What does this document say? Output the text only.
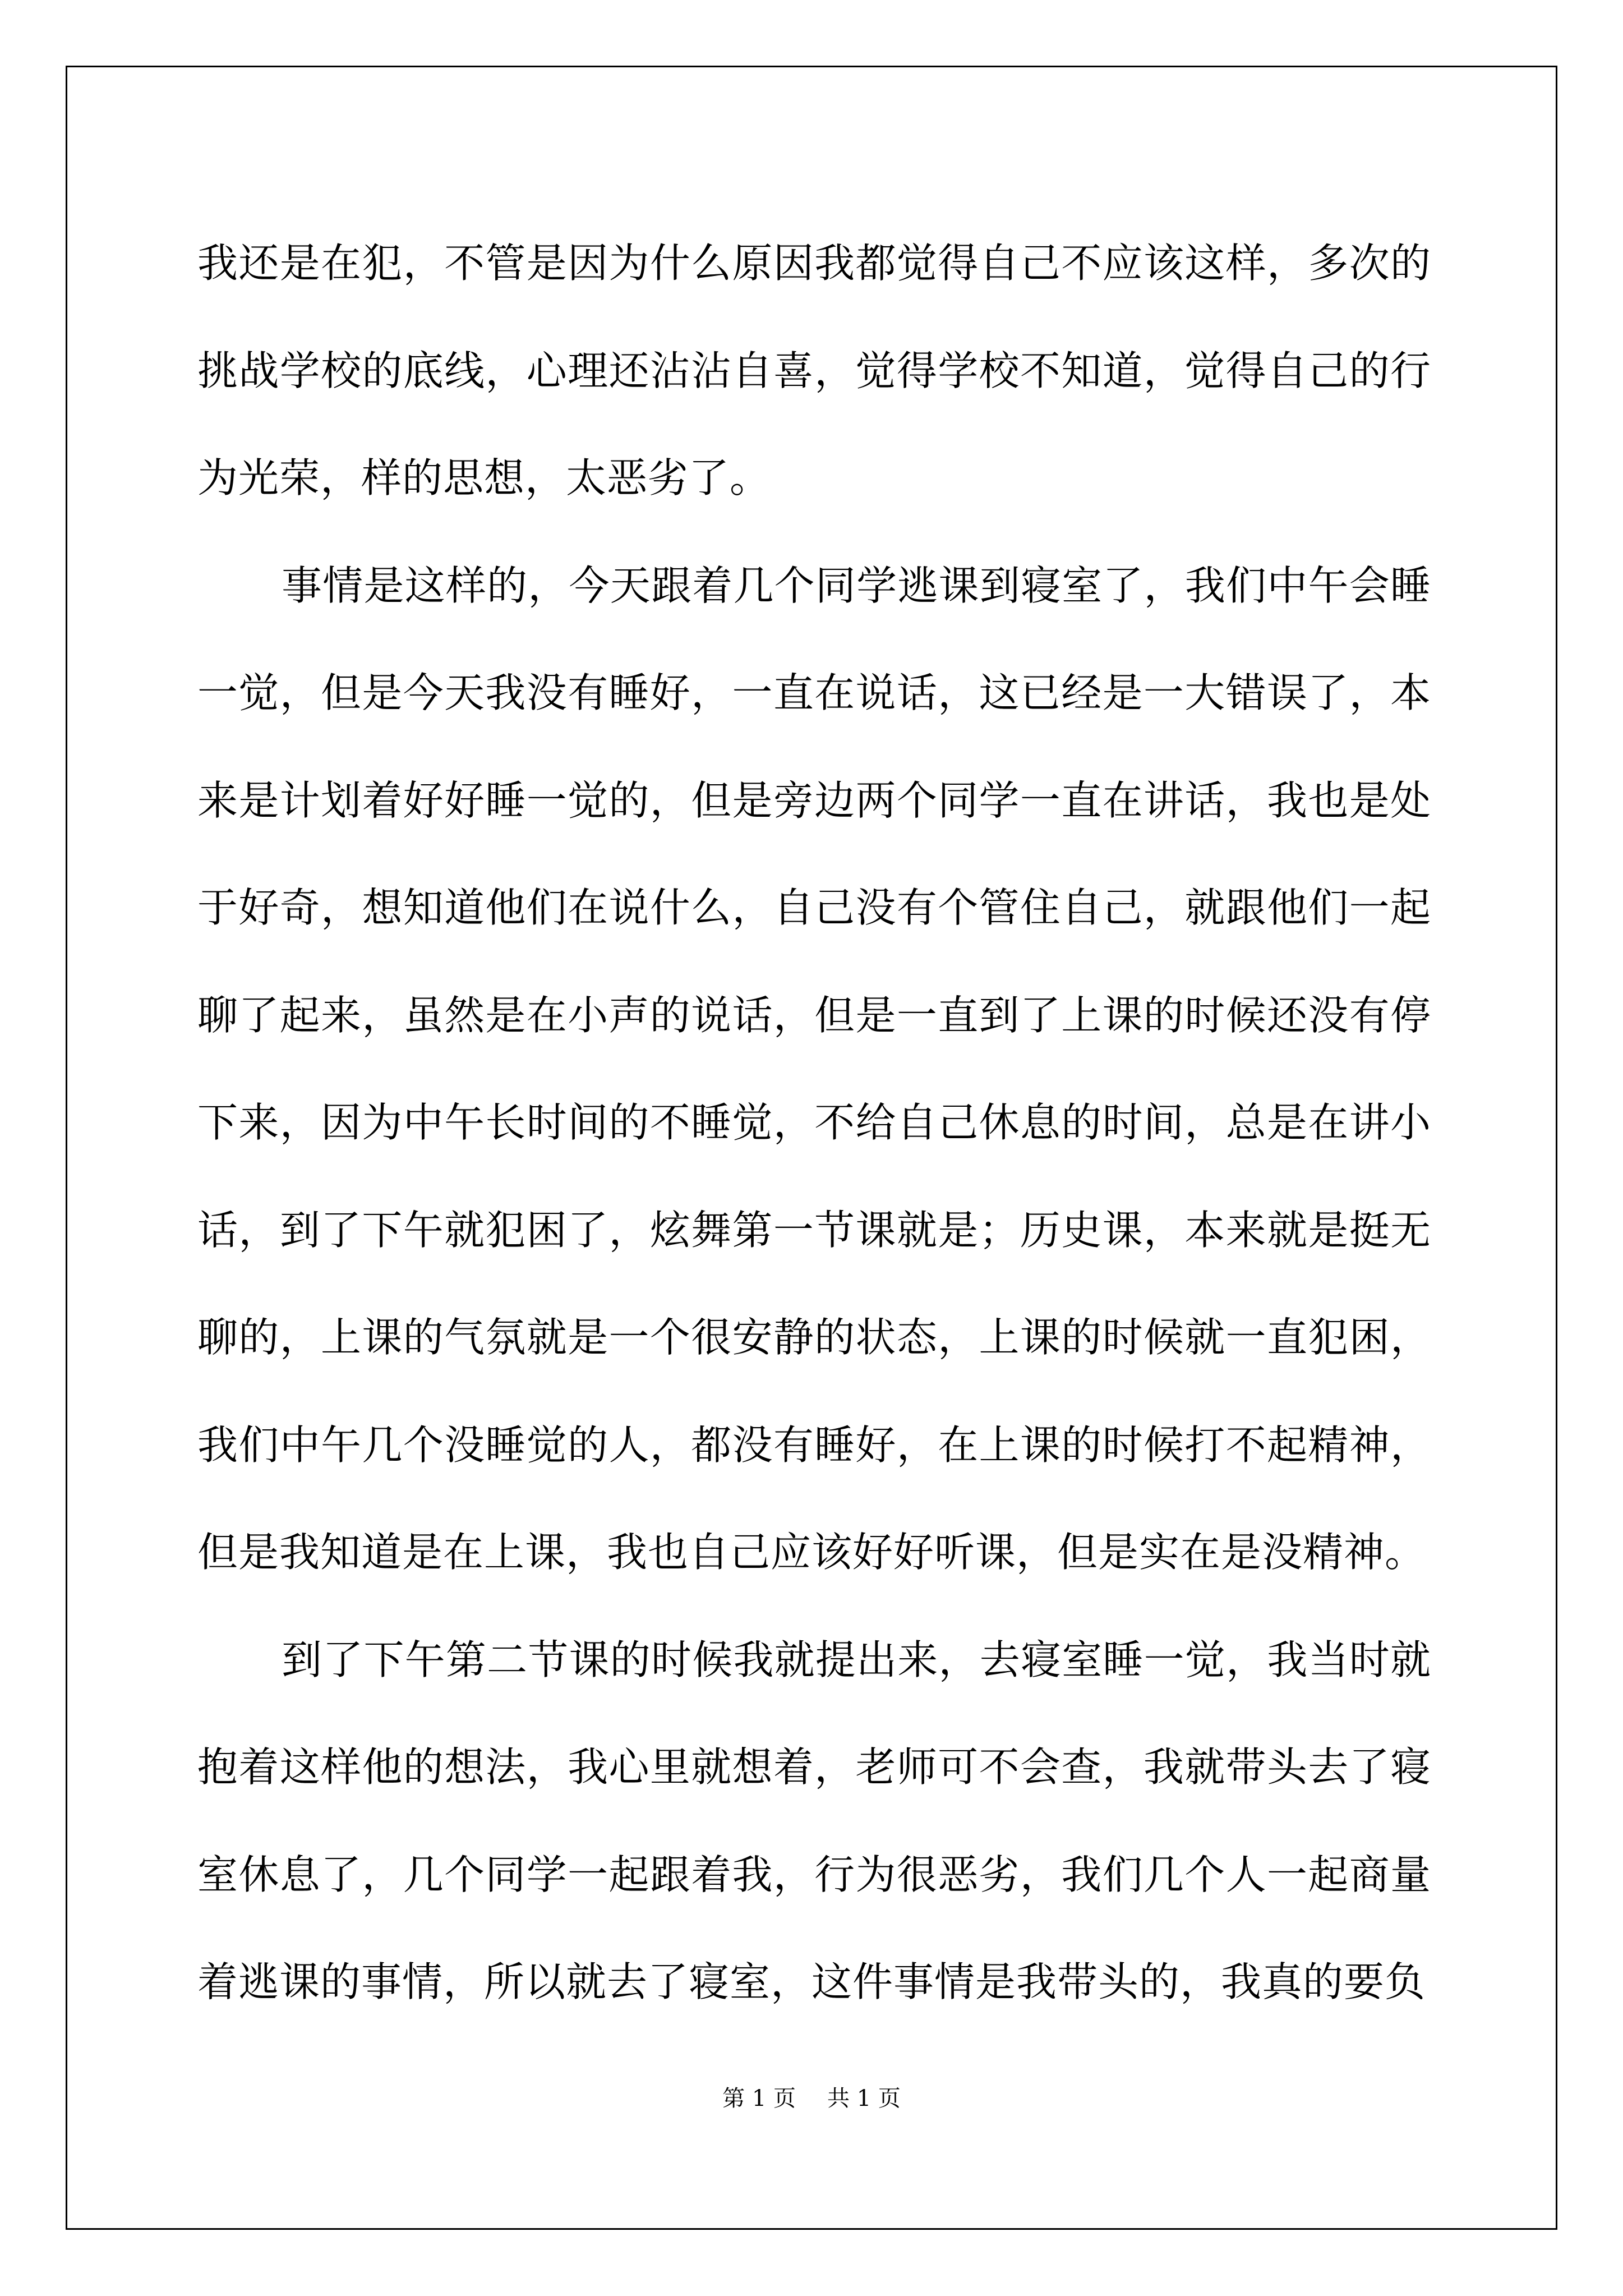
我还是在犯，不管是因为什么原因我都觉得自己不应该这样，多次的挑战学校的底线，心理还沾沾自喜，觉得学校不知道，觉得自己的行为光荣，样的思想，太恶劣了。

事情是这样的，今天跟着几个同学逃课到寝室了，我们中午会睡一觉，但是今天我没有睡好，一直在说话，这已经是一大错误了，本来是计划着好好睡一觉的，但是旁边两个同学一直在讲话，我也是处于好奇，想知道他们在说什么，自己没有个管住自己，就跟他们一起聊了起来，虽然是在小声的说话，但是一直到了上课的时候还没有停下来，因为中午长时间的不睡觉，不给自己休息的时间，总是在讲小话，到了下午就犯困了，炫舞第一节课就是；历史课，本来就是挺无聊的，上课的气氛就是一个很安静的状态，上课的时候就一直犯困，我们中午几个没睡觉的人，都没有睡好，在上课的时候打不起精神，但是我知道是在上课，我也自己应该好好听课，但是实在是没精神。

到了下午第二节课的时候我就提出来，去寝室睡一觉，我当时就抱着这样他的想法，我心里就想着，老师可不会查，我就带头去了寝室休息了，几个同学一起跟着我，行为很恶劣，我们几个人一起商量着逃课的事情，所以就去了寝室，这件事情是我带头的，我真的要负

第 1 页 共 1 页
